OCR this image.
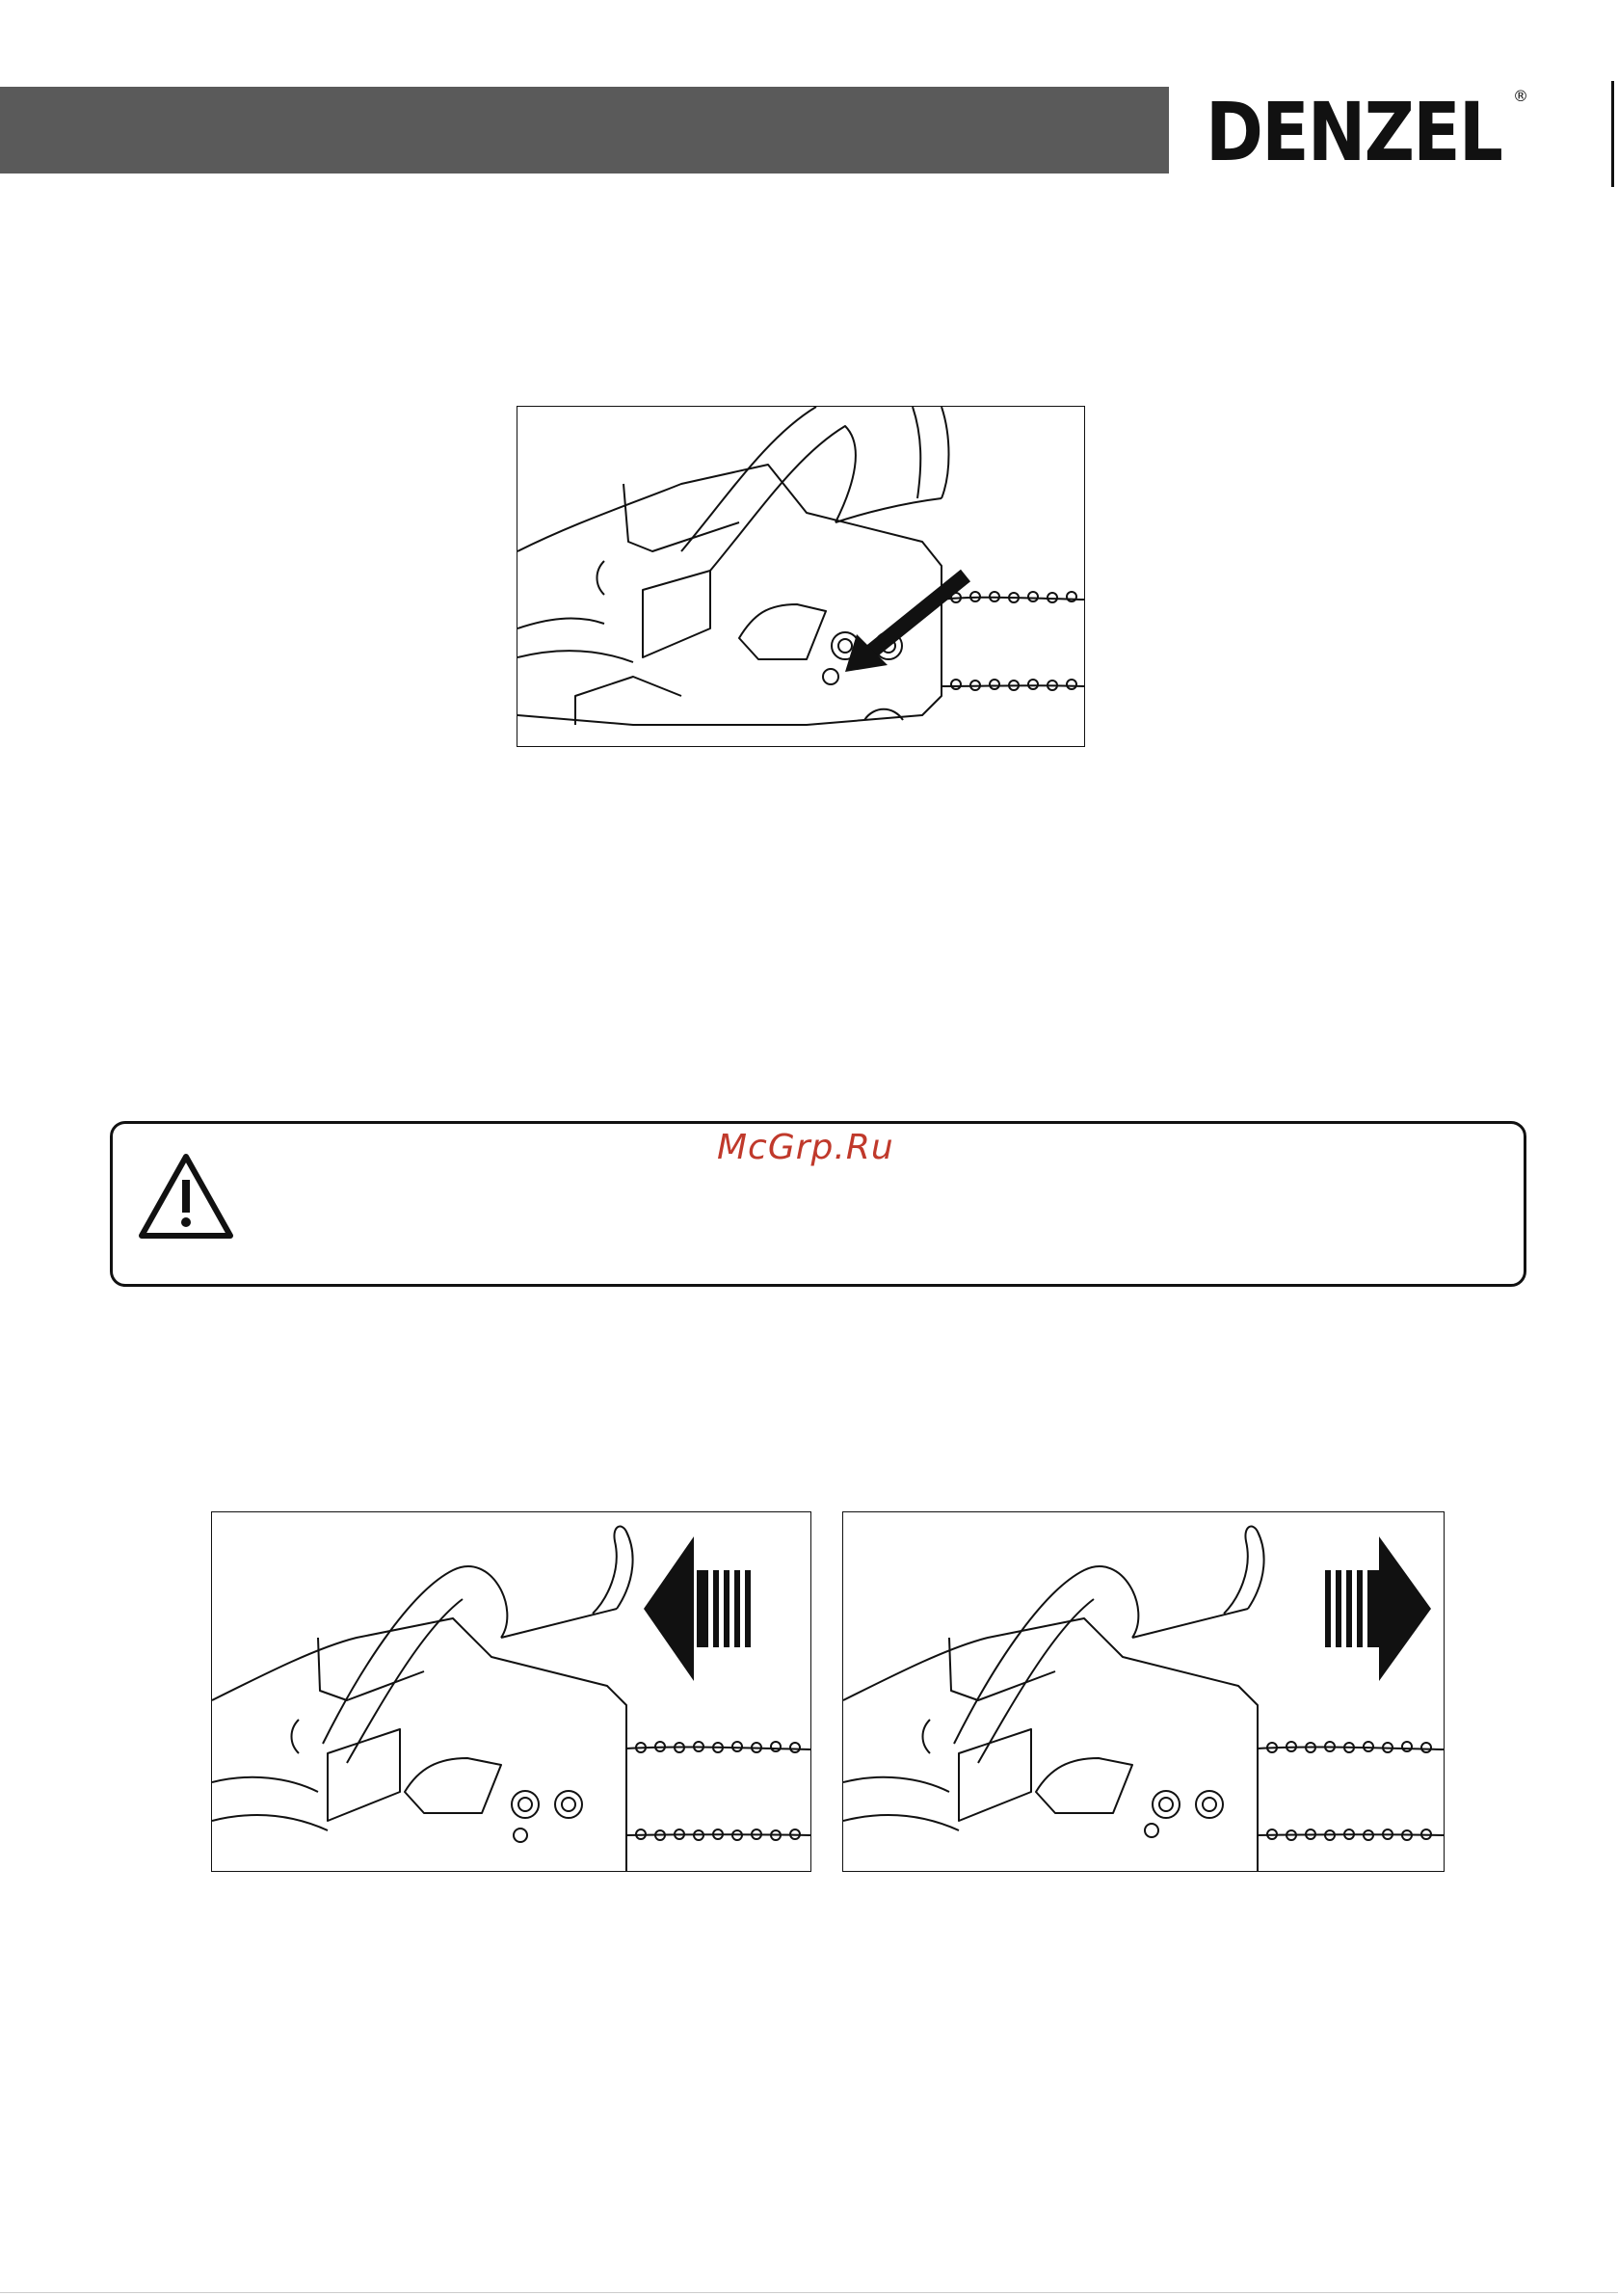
DENZEL ®
McGrp.Ru
